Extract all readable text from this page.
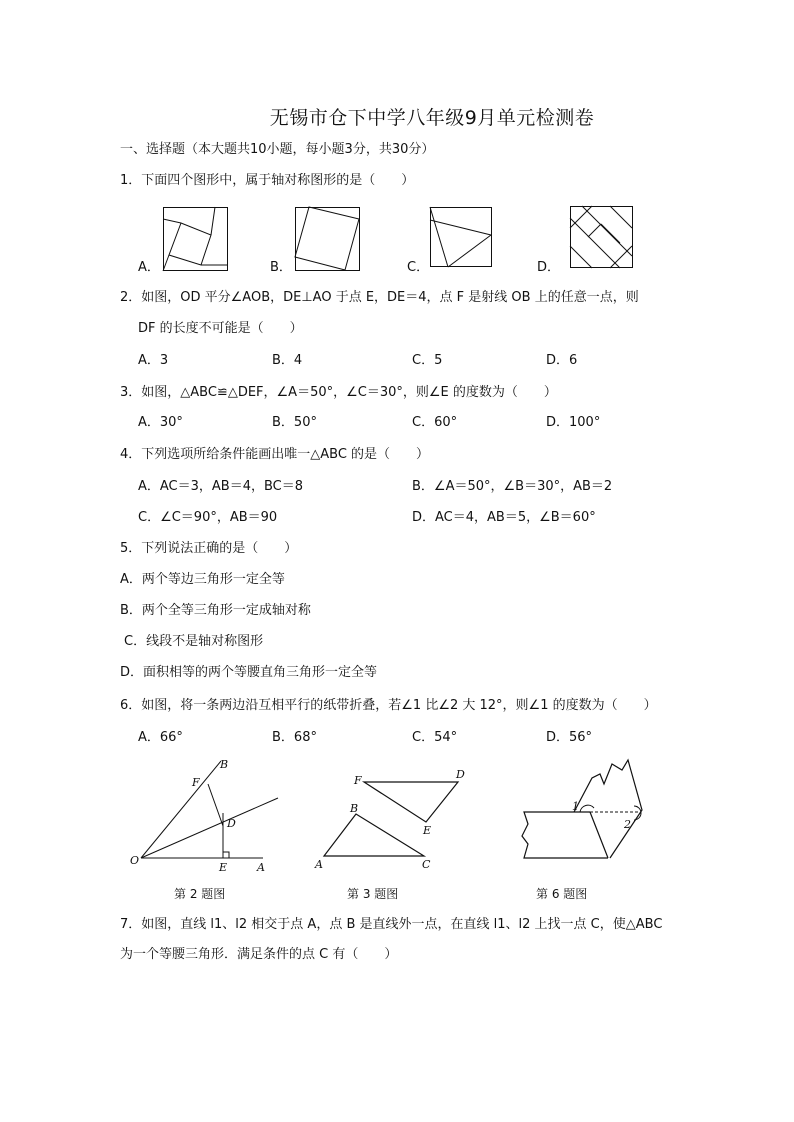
无锡市仓下中学八年级9月单元检测卷
一、选择题（本大题共10小题，每小题3分，共30分）
1．下面四个图形中，属于轴对称图形的是（　　）
A．	B．	C．	D．
2．如图，OD 平分∠AOB，DE⊥AO 于点 E，DE＝4，点 F 是射线 OB 上的任意一点，则
DF 的长度不可能是（　　）
A．3	B．4	C．5	D．6
3．如图，△ABC≌△DEF，∠A＝50°，∠C＝30°，则∠E 的度数为（　　）
A．30°	B．50°	C．60°	D．100°
4．下列选项所给条件能画出唯一△ABC 的是（　　）
A．AC＝3，AB＝4，BC＝8	B．∠A＝50°，∠B＝30°，AB＝2
C．∠C＝90°，AB＝90	D．AC＝4，AB＝5，∠B＝60°
5．下列说法正确的是（　　）
A．两个等边三角形一定全等
B．两个全等三角形一定成轴对称
C．线段不是轴对称图形
D．面积相等的两个等腰直角三角形一定全等
6．如图，将一条两边沿互相平行的纸带折叠，若∠1 比∠2 大 12°，则∠1 的度数为（　　）
A．66°	B．68°	C．54°	D．56°
B
F
D
O
E	A
第 2 题图
F	D
B
E
A	C
第 3 题图
1
2
第 6 题图
7．如图，直线 l1、l2 相交于点 A，点 B 是直线外一点，在直线 l1、l2 上找一点 C，使△ABC
为一个等腰三角形．满足条件的点 C 有（　　）
